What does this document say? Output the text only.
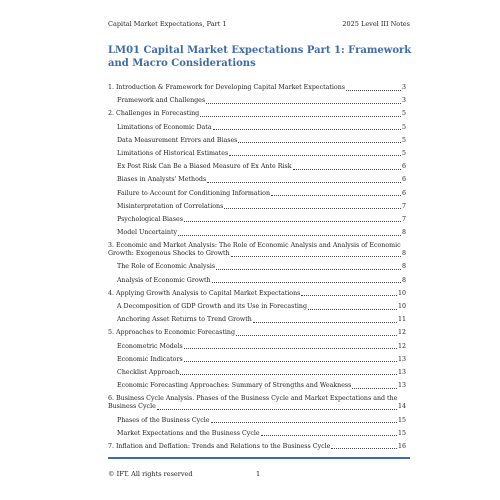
Capital Market Expectations, Part 1	2025 Level III Notes
LM01 Capital Market Expectations Part 1: Framework and Macro Considerations
1. Introduction & Framework for Developing Capital Market Expectations	3
Framework and Challenges	3
2. Challenges in Forecasting	5
Limitations of Economic Data	5
Data Measurement Errors and Biases	5
Limitations of Historical Estimates	5
Ex Post Risk Can Be a Biased Measure of Ex Ante Risk	6
Biases in Analysts' Methods	6
Failure to Account for Conditioning Information	6
Misinterpretation of Correlations	7
Psychological Biases	7
Model Uncertainty	8
3. Economic and Market Analysis: The Role of Economic Analysis and Analysis of Economic
Growth: Exogenous Shocks to Growth	8
The Role of Economic Analysis	8
Analysis of Economic Growth	8
4. Applying Growth Analysis to Capital Market Expectations	10
A Decomposition of GDP Growth and its Use in Forecasting	10
Anchoring Asset Returns to Trend Growth	11
5. Approaches to Economic Forecasting	12
Econometric Models	12
Economic Indicators	13
Checklist Approach	13
Economic Forecasting Approaches: Summary of Strengths and Weakness	13
6. Business Cycle Analysis. Phases of the Business Cycle and Market Expectations and the
Business Cycle	14
Phases of the Business Cycle	15
Market Expectations and the Business Cycle	15
7. Inflation and Deflation: Trends and Relations to the Business Cycle	16
© IFT. All rights reserved	1
